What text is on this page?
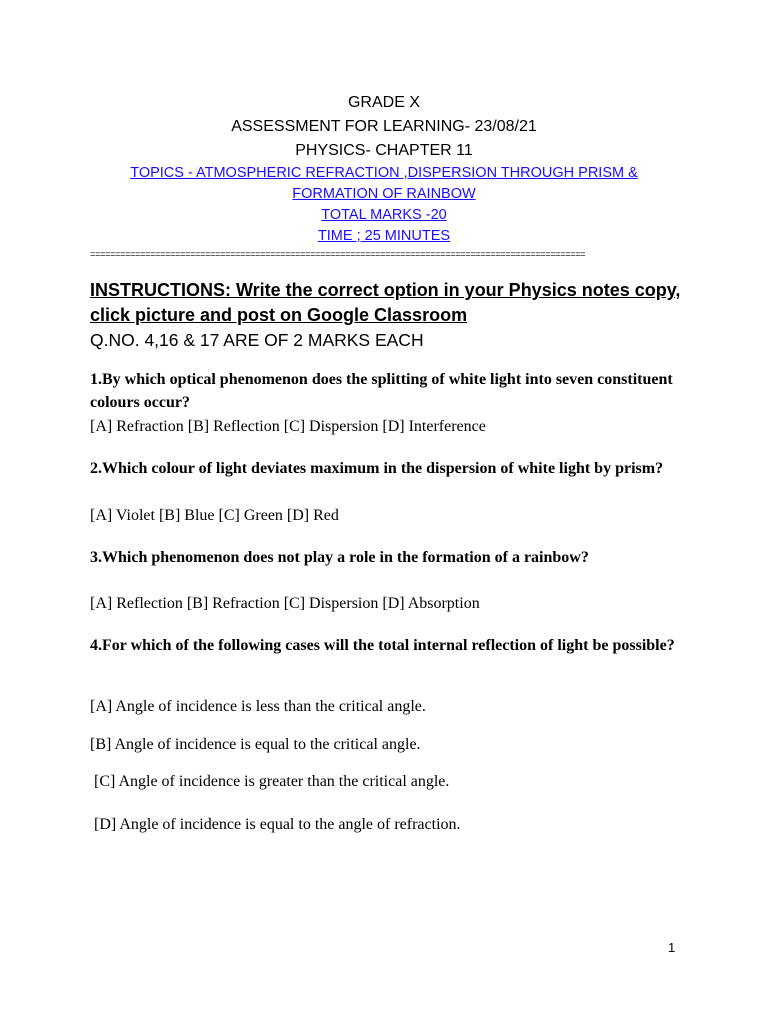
GRADE X
ASSESSMENT FOR LEARNING- 23/08/21
PHYSICS- CHAPTER 11
TOPICS - ATMOSPHERIC REFRACTION ,DISPERSION THROUGH PRISM &
FORMATION OF RAINBOW
TOTAL MARKS -20
TIME ; 25 MINUTES
===================================================================================================
INSTRUCTIONS: Write the correct option in your Physics notes copy, click picture and post on Google Classroom
Q.NO. 4,16 & 17 ARE OF 2 MARKS EACH
1.By which optical phenomenon does the splitting of white light into seven constituent colours occur?
[A] Refraction [B] Reflection [C] Dispersion [D] Interference
2.Which colour of light deviates maximum in the dispersion of white light by prism?
[A] Violet [B] Blue [C] Green [D] Red
3.Which phenomenon does not play a role in the formation of a rainbow?
[A] Reflection [B] Refraction [C] Dispersion [D] Absorption
4.For which of the following cases will the total internal reflection of light be possible?
[A] Angle of incidence is less than the critical angle.
[B] Angle of incidence is equal to the critical angle.
[C] Angle of incidence is greater than the critical angle.
[D] Angle of incidence is equal to the angle of refraction.
1
